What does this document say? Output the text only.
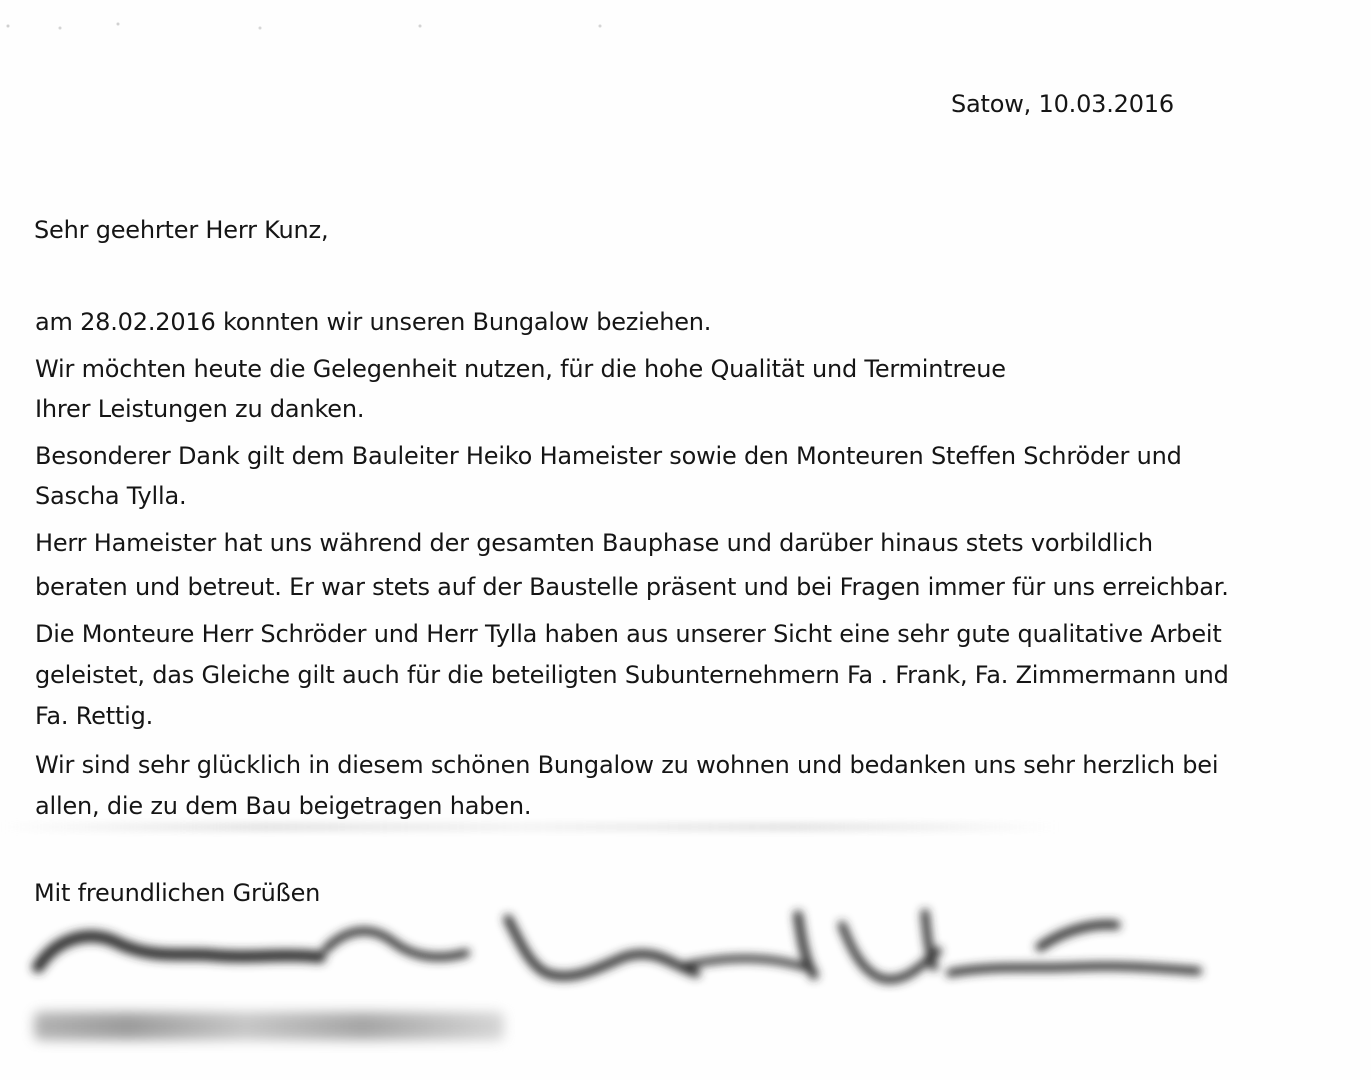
Satow, 10.03.2016
Sehr geehrter Herr Kunz,
am 28.02.2016 konnten wir unseren Bungalow beziehen.
Wir möchten heute die Gelegenheit nutzen, für die hohe Qualität und Termintreue
Ihrer Leistungen zu danken.
Besonderer Dank gilt dem Bauleiter Heiko Hameister sowie den Monteuren Steffen Schröder und
Sascha Tylla.
Herr Hameister hat uns während der gesamten Bauphase und darüber hinaus stets vorbildlich
beraten und betreut. Er war stets auf der Baustelle präsent und bei Fragen immer für uns erreichbar.
Die Monteure Herr Schröder und Herr Tylla haben aus unserer Sicht eine sehr gute qualitative Arbeit
geleistet, das Gleiche gilt auch für die beteiligten Subunternehmern Fa . Frank, Fa. Zimmermann und
Fa. Rettig.
Wir sind sehr glücklich in diesem schönen Bungalow zu wohnen und bedanken uns sehr herzlich bei
allen, die zu dem Bau beigetragen haben.
Mit freundlichen Grüßen
